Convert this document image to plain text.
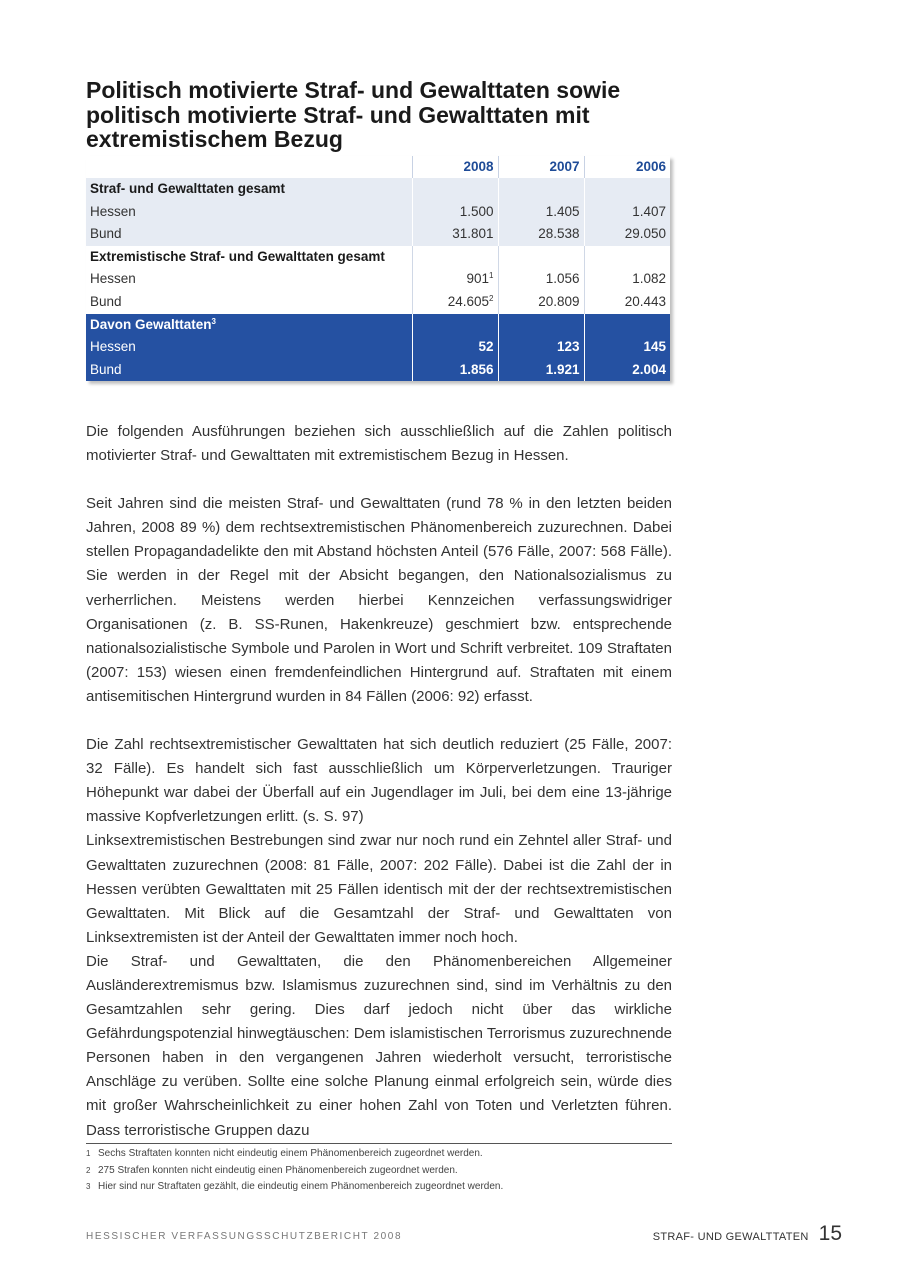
Politisch motivierte Straf- und Gewalttaten sowie politisch motivierte Straf- und Gewalttaten mit extremistischem Bezug
	2008	2007	2006
Straf- und Gewalttaten gesamt			
Hessen	1.500	1.405	1.407
Bund	31.801	28.538	29.050
Extremistische Straf- und Gewalttaten gesamt			
Hessen	$901^1$	1.056	1.082
Bund	24.605$^2$	20.809	20.443
Davon Gewalttaten$^3$			
Hessen	52	123	145
Bund	1.856	1.921	2.004

Die folgenden Ausführungen beziehen sich ausschließlich auf die Zahlen politisch motivierter Straf- und Gewalttaten mit extremistischem Bezug in Hessen.

Seit Jahren sind die meisten Straf- und Gewalttaten (rund 78 % in den letzten beiden Jahren, 2008 89 %) dem rechtsextremistischen Phänomenbereich zuzurechnen. Dabei stellen Propagandadelikte den mit Abstand höchsten Anteil (576 Fälle, 2007: 568 Fälle). Sie werden in der Regel mit der Absicht begangen, den Nationalsozialismus zu verherrlichen. Meistens werden hierbei Kennzeichen verfassungswidriger Organisationen (z. B. SS-Runen, Hakenkreuze) geschmiert bzw. entsprechende nationalsozialistische Symbole und Parolen in Wort und Schrift verbreitet. 109 Straftaten (2007: 153) wiesen einen fremdenfeindlichen Hintergrund auf. Straftaten mit einem antisemitischen Hintergrund wurden in 84 Fällen (2006: 92) erfasst.

Die Zahl rechtsextremistischer Gewalttaten hat sich deutlich reduziert (25 Fälle, 2007: 32 Fälle). Es handelt sich fast ausschließlich um Körperverletzungen. Trauriger Höhepunkt war dabei der Überfall auf ein Jugendlager im Juli, bei dem eine 13-jährige massive Kopfverletzungen erlitt. (s. S. 97)

Linksextremistischen Bestrebungen sind zwar nur noch rund ein Zehntel aller Straf- und Gewalttaten zuzurechnen (2008: 81 Fälle, 2007: 202 Fälle). Dabei ist die Zahl der in Hessen verübten Gewalttaten mit 25 Fällen identisch mit der der rechtsextremistischen Gewalttaten. Mit Blick auf die Gesamtzahl der Straf- und Gewalttaten von Linksextremisten ist der Anteil der Gewalttaten immer noch hoch.

Die Straf- und Gewalttaten, die den Phänomenbereichen Allgemeiner Ausländerextremismus bzw. Islamismus zuzurechnen sind, sind im Verhältnis zu den Gesamtzahlen sehr gering. Dies darf jedoch nicht über das wirkliche Gefährdungspotenzial hinwegtäuschen: Dem islamistischen Terrorismus zuzurechnende Personen haben in den vergangenen Jahren wiederholt versucht, terroristische Anschläge zu verüben. Sollte eine solche Planung einmal erfolgreich sein, würde dies mit großer Wahrscheinlichkeit zu einer hohen Zahl von Toten und Verletzten führen. Dass terroristische Gruppen dazu

1 Sechs Straftaten konnten nicht eindeutig einem Phänomenbereich zugeordnet werden.
2 275 Strafen konnten nicht eindeutig einen Phänomenbereich zugeordnet werden.
3 Hier sind nur Straftaten gezählt, die eindeutig einem Phänomenbereich zugeordnet werden.
HESSISCHER VERFASSUNGSSCHUTZBERICHT 2008	STRAF- UND GEWALTTATEN 15
